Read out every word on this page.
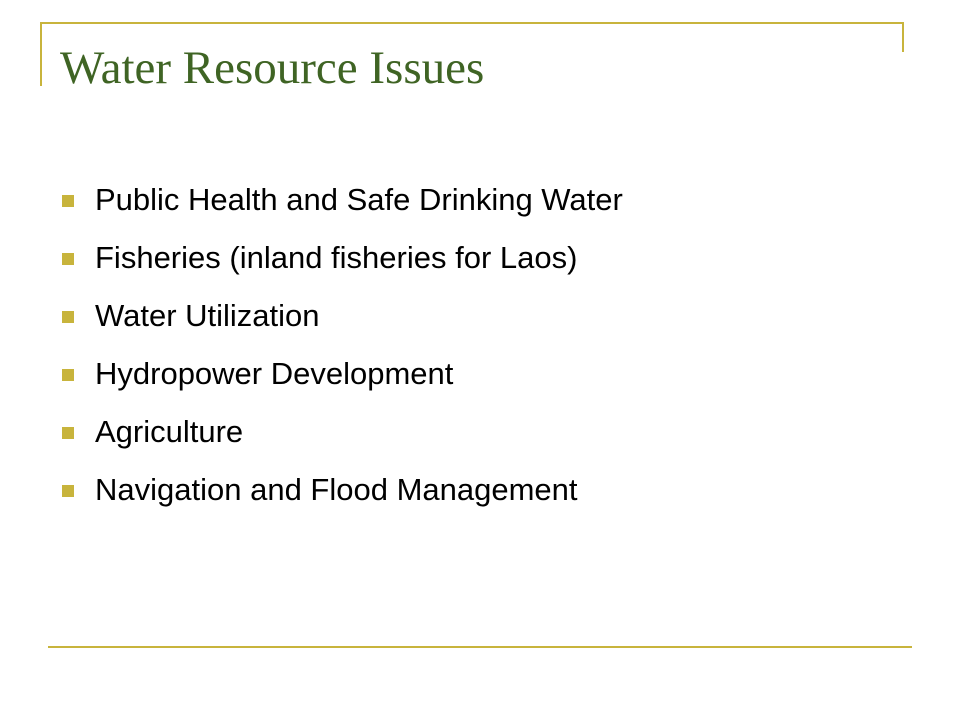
Water Resource Issues
Public Health and Safe Drinking Water
Fisheries (inland fisheries for Laos)
Water Utilization
Hydropower Development
Agriculture
Navigation and Flood Management
